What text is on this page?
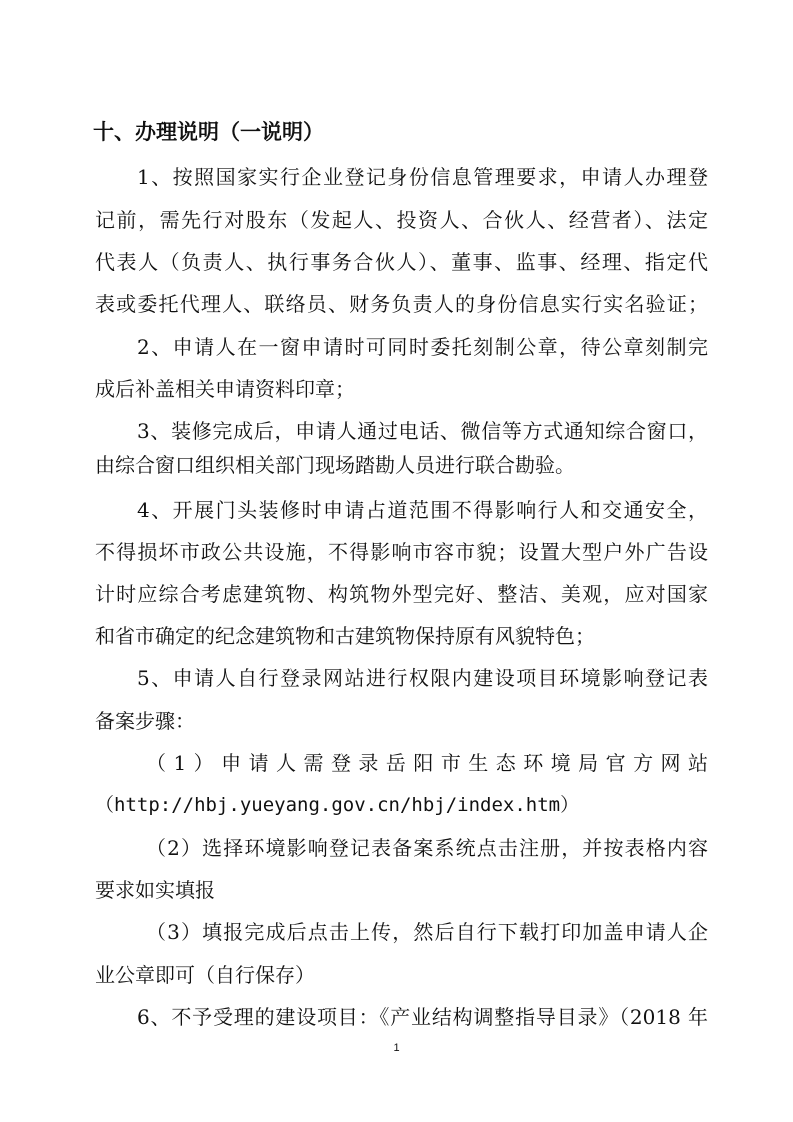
十、办理说明（一说明）
1、按照国家实行企业登记身份信息管理要求，申请人办理登
记前，需先行对股东（发起人、投资人、合伙人、经营者）、法定
代表人（负责人、执行事务合伙人）、董事、监事、经理、指定代
表或委托代理人、联络员、财务负责人的身份信息实行实名验证；
2、申请人在一窗申请时可同时委托刻制公章，待公章刻制完
成后补盖相关申请资料印章；
3、装修完成后，申请人通过电话、微信等方式通知综合窗口，
由综合窗口组织相关部门现场踏勘人员进行联合勘验。
4、开展门头装修时申请占道范围不得影响行人和交通安全，
不得损坏市政公共设施，不得影响市容市貌；设置大型户外广告设
计时应综合考虑建筑物、构筑物外型完好、整洁、美观，应对国家
和省市确定的纪念建筑物和古建筑物保持原有风貌特色；
5、申请人自行登录网站进行权限内建设项目环境影响登记表
备案步骤：
（1）申请人需登录岳阳市生态环境局官方网站
（http://hbj.yueyang.gov.cn/hbj/index.htm）
（2）选择环境影响登记表备案系统点击注册，并按表格内容
要求如实填报
（3）填报完成后点击上传，然后自行下载打印加盖申请人企
业公章即可（自行保存）
6、不予受理的建设项目：《产业结构调整指导目录》（2018 年
1
